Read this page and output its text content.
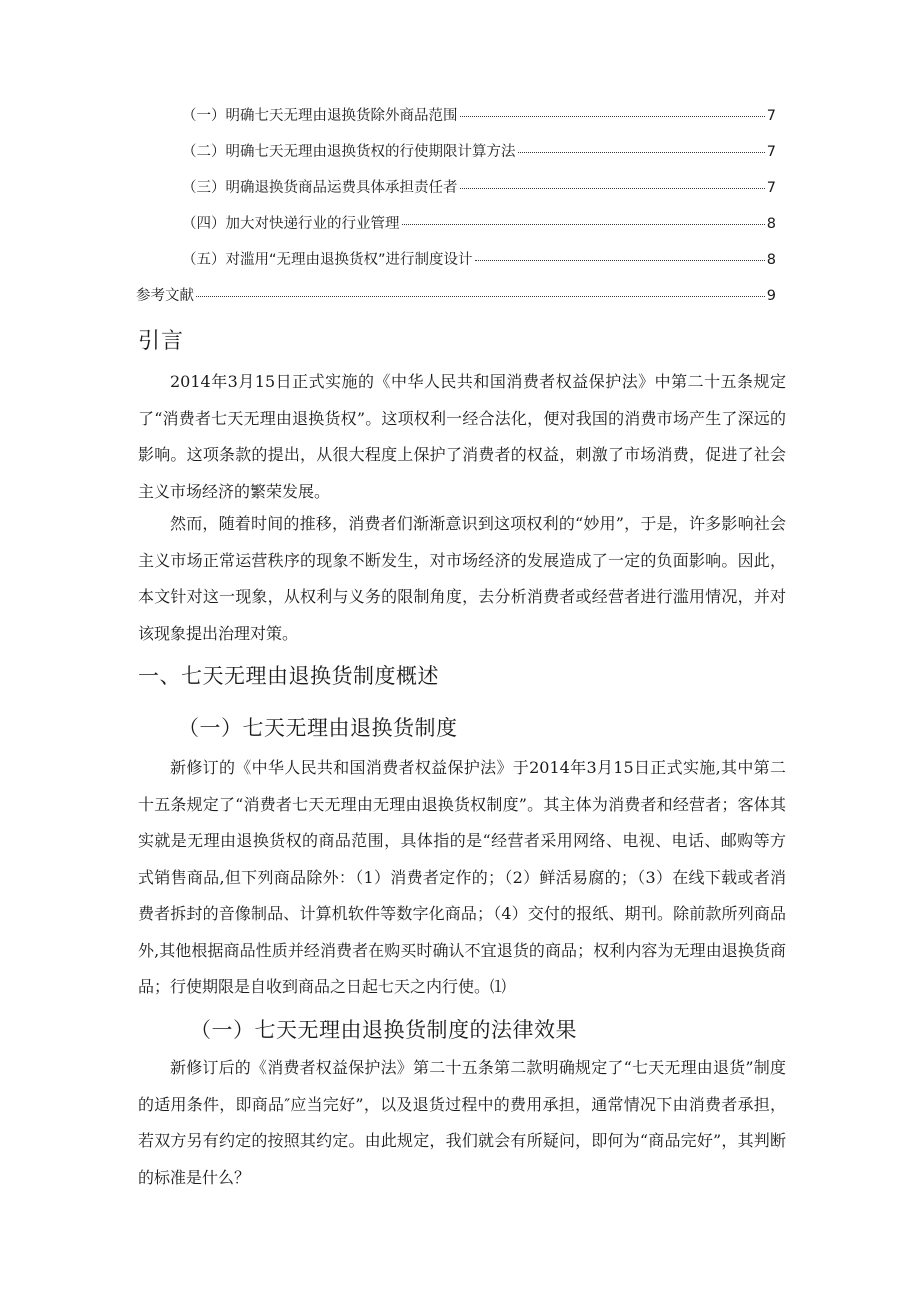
（一）明确七天无理由退换货除外商品范围	7
（二）明确七天无理由退换货权的行使期限计算方法	7
（三）明确退换货商品运费具体承担责任者	7
（四）加大对快递行业的行业管理	8
（五）对滥用“无理由退换货权”进行制度设计	8
参考文献	9
引言

2014年3月15日正式实施的《中华人民共和国消费者权益保护法》中第二十五条规定了“消费者七天无理由退换货权”。这项权利一经合法化，便对我国的消费市场产生了深远的影响。这项条款的提出，从很大程度上保护了消费者的权益，刺激了市场消费，促进了社会主义市场经济的繁荣发展。

然而，随着时间的推移，消费者们渐渐意识到这项权利的“妙用”，于是，许多影响社会主义市场正常运营秩序的现象不断发生，对市场经济的发展造成了一定的负面影响。因此，本文针对这一现象，从权利与义务的限制角度，去分析消费者或经营者进行滥用情况，并对该现象提出治理对策。

一、七天无理由退换货制度概述
（一）七天无理由退换货制度

新修订的《中华人民共和国消费者权益保护法》于2014年3月15日正式实施,其中第二十五条规定了“消费者七天无理由无理由退换货权制度”。其主体为消费者和经营者；客体其实就是无理由退换货权的商品范围，具体指的是“经营者采用网络、电视、电话、邮购等方式销售商品,但下列商品除外：（1）消费者定作的；（2）鲜活易腐的；（3）在线下载或者消费者拆封的音像制品、计算机软件等数字化商品；（4）交付的报纸、期刊。除前款所列商品外,其他根据商品性质并经消费者在购买时确认不宜退货的商品；权利内容为无理由退换货商品；行使期限是自收到商品之日起七天之内行使。⑴

（一）七天无理由退换货制度的法律效果

新修订后的《消费者权益保护法》第二十五条第二款明确规定了“七天无理由退货”制度的适用条件，即商品″应当完好”，以及退货过程中的费用承担，通常情况下由消费者承担，若双方另有约定的按照其约定。由此规定，我们就会有所疑问，即何为“商品完好”，其判断的标准是什么？
